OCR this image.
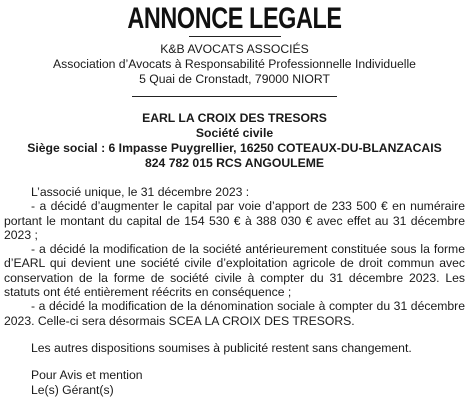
ANNONCE LEGALE
K&B AVOCATS ASSOCIÉS
Association d’Avocats à Responsabilité Professionnelle Individuelle
5 Quai de Cronstadt, 79000 NIORT
EARL LA CROIX DES TRESORS
Société civile
Siège social : 6 Impasse Puygrellier, 16250 COTEAUX-DU-BLANZACAIS
824 782 015 RCS ANGOULEME

L’associé unique, le 31 décembre 2023 :

- a décidé d’augmenter le capital par voie d’apport de 233 500 € en numéraire portant le montant du capital de 154 530 € à 388 030 € avec effet au 31 décembre 2023 ;

- a décidé la modification de la société antérieurement constituée sous la forme d’EARL qui devient une société civile d’exploitation agricole de droit commun avec conservation de la forme de société civile à compter du 31 décembre 2023. Les statuts ont été entièrement réécrits en conséquence ;

- a décidé la modification de la dénomination sociale à compter du 31 décembre 2023. Celle-ci sera désormais SCEA LA CROIX DES TRESORS.

Les autres dispositions soumises à publicité restent sans changement.

Pour Avis et mention

Le(s) Gérant(s)
